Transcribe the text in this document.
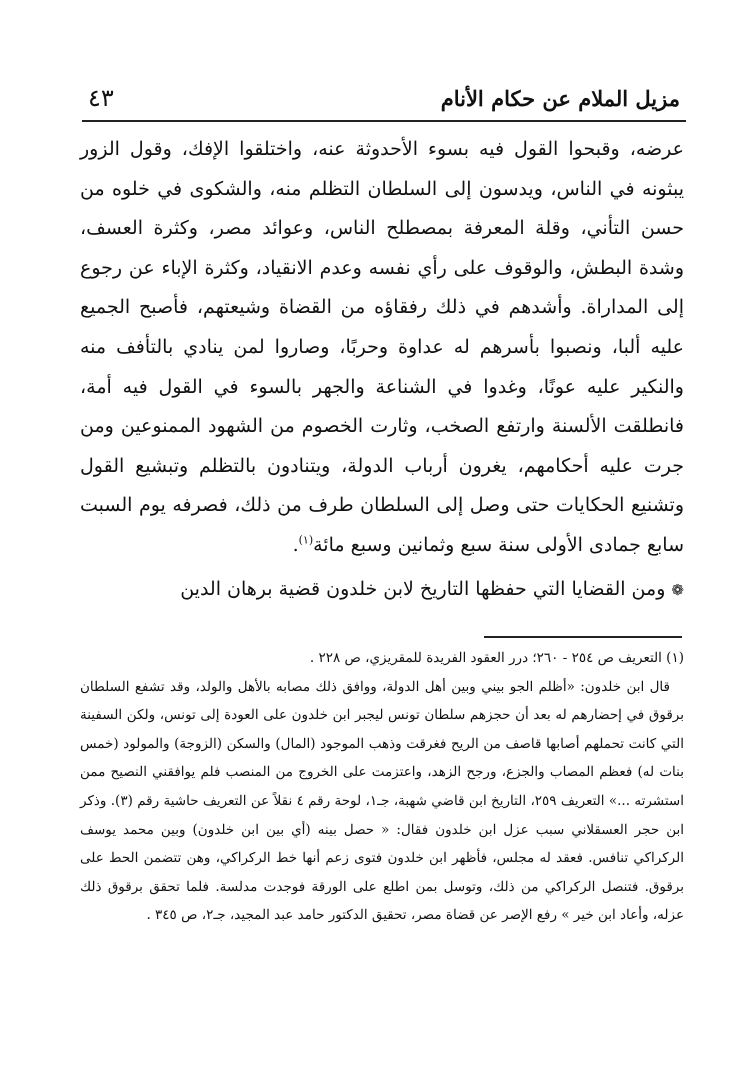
مزيل الملام عن حكام الأنام
٤٣

عرضه، وقبحوا القول فيه بسوء الأحدوثة عنه، واختلقوا الإفك، وقول الزور يبثونه في الناس، ويدسون إلى السلطان التظلم منه، والشكوى في خلوه من حسن التأني، وقلة المعرفة بمصطلح الناس، وعوائد مصر، وكثرة العسف، وشدة البطش، والوقوف على رأي نفسه وعدم الانقياد، وكثرة الإباء عن رجوع إلى المداراة. وأشدهم في ذلك رفقاؤه من القضاة وشيعتهم، فأصبح الجميع عليه ألبا، ونصبوا بأسرهم له عداوة وحربًا، وصاروا لمن ينادي بالتأفف منه والنكير عليه عونًا، وغدوا في الشناعة والجهر بالسوء في القول فيه أمة، فانطلقت الألسنة وارتفع الصخب، وثارت الخصوم من الشهود الممنوعين ومن جرت عليه أحكامهم، يغرون أرباب الدولة، ويتنادون بالتظلم وتبشيع القول وتشنيع الحكايات حتى وصل إلى السلطان طرف من ذلك، فصرفه يوم السبت سابع جمادى الأولى سنة سبع وثمانين وسبع مائة$^{(١)}$.

❁ ومن القضايا التي حفظها التاريخ لابن خلدون قضية برهان الدين

(١) التعريف ص ٢٥٤ - ٢٦٠؛ درر العقود الفريدة للمقريزي، ص ٢٢٨ .

قال ابن خلدون: «أظلم الجو بيني وبين أهل الدولة، ووافق ذلك مصابه بالأهل والولد، وقد تشفع السلطان برقوق في إحضارهم له بعد أن حجزهم سلطان تونس ليجبر ابن خلدون على العودة إلى تونس، ولكن السفينة التي كانت تحملهم أصابها قاصف من الريح فغرقت وذهب الموجود (المال) والسكن (الزوجة) والمولود (خمس بنات له) فعظم المصاب والجزع، ورجح الزهد، واعتزمت على الخروج من المنصب فلم يوافقني النصيح ممن استشرته ...» التعريف ٢٥٩، التاريخ ابن قاضي شهبة، جـ١، لوحة رقم ٤ نقلاً عن التعريف حاشية رقم (٣). وذكر ابن حجر العسقلاني سبب عزل ابن خلدون فقال: « حصل بينه (أي بين ابن خلدون) وبين محمد يوسف الركراكي تنافس. فعقد له مجلس، فأظهر ابن خلدون فتوى زعم أنها خط الركراكي، وهن تتضمن الحط على برقوق. فتنصل الركراكي من ذلك، وتوسل بمن اطلع على الورقة فوجدت مدلسة. فلما تحقق برقوق ذلك عزله، وأعاد ابن خير » رفع الإصر عن قضاة مصر، تحقيق الدكتور حامد عبد المجيد، جـ٢، ص ٣٤٥ .
